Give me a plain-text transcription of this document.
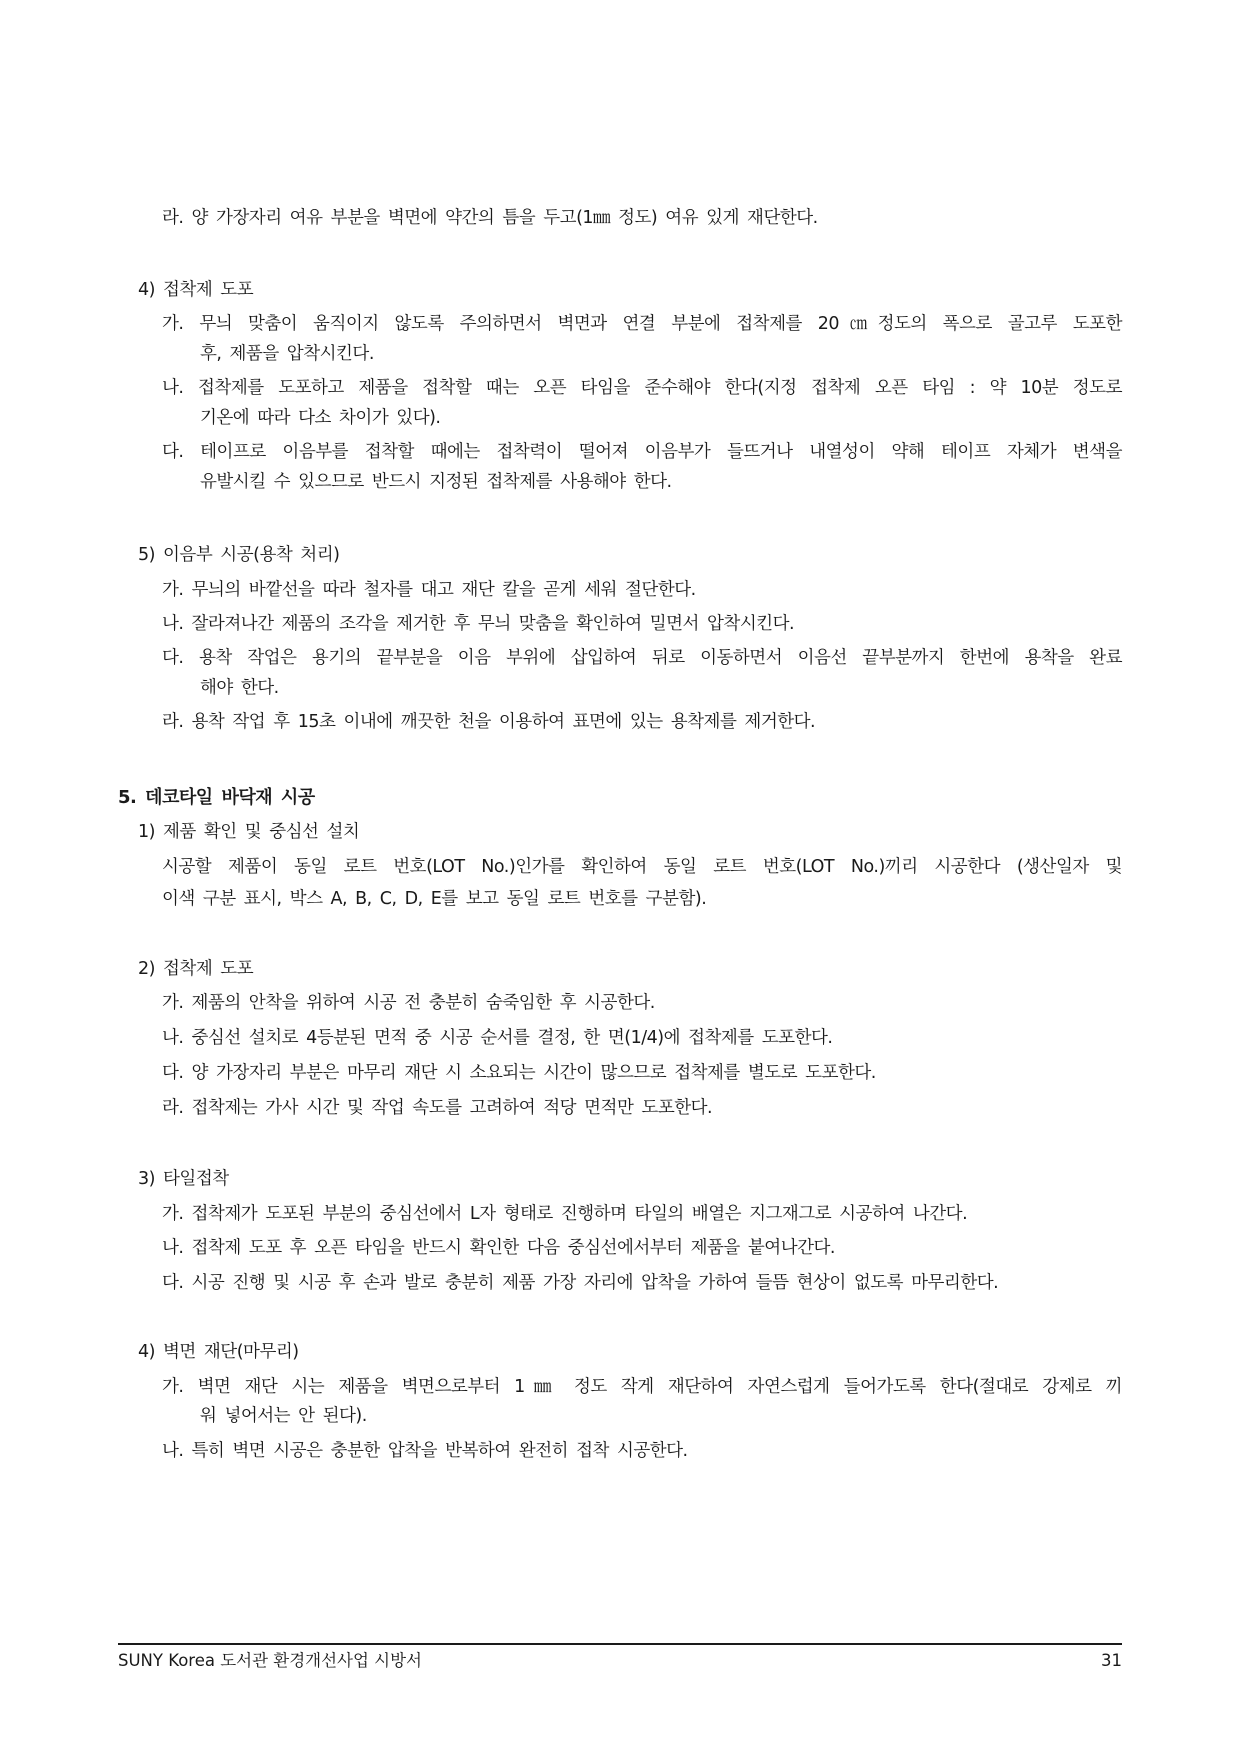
라. 양 가장자리 여유 부분을 벽면에 약간의 틈을 두고(1㎜ 정도) 여유 있게 재단한다.
4) 접착제 도포
가. 무늬 맞춤이 움직이지 않도록 주의하면서 벽면과 연결 부분에 접착제를 20㎝정도의 폭으로 골고루 도포한
후, 제품을 압착시킨다.
나. 접착제를 도포하고 제품을 접착할 때는 오픈 타임을 준수해야 한다(지정 접착제 오픈 타임 : 약 10분 정도로
기온에 따라 다소 차이가 있다).
다. 테이프로 이음부를 접착할 때에는 접착력이 떨어져 이음부가 들뜨거나 내열성이 약해 테이프 자체가 변색을
유발시킬 수 있으므로 반드시 지정된 접착제를 사용해야 한다.
5) 이음부 시공(용착 처리)
가. 무늬의 바깥선을 따라 철자를 대고 재단 칼을 곧게 세워 절단한다.
나. 잘라져나간 제품의 조각을 제거한 후 무늬 맞춤을 확인하여 밀면서 압착시킨다.
다. 용착 작업은 용기의 끝부분을 이음 부위에 삽입하여 뒤로 이동하면서 이음선 끝부분까지 한번에 용착을 완료
해야 한다.
라. 용착 작업 후 15초 이내에 깨끗한 천을 이용하여 표면에 있는 용착제를 제거한다.
5. 데코타일 바닥재 시공
1) 제품 확인 및 중심선 설치
시공할 제품이 동일 로트 번호(LOT No.)인가를 확인하여 동일 로트 번호(LOT No.)끼리 시공한다 (생산일자 및
이색 구분 표시, 박스 A, B, C, D, E를 보고 동일 로트 번호를 구분함).
2) 접착제 도포
가. 제품의 안착을 위하여 시공 전 충분히 숨죽임한 후 시공한다.
나. 중심선 설치로 4등분된 면적 중 시공 순서를 결정, 한 면(1/4)에 접착제를 도포한다.
다. 양 가장자리 부분은 마무리 재단 시 소요되는 시간이 많으므로 접착제를 별도로 도포한다.
라. 접착제는 가사 시간 및 작업 속도를 고려하여 적당 면적만 도포한다.
3) 타일접착
가. 접착제가 도포된 부분의 중심선에서 L자 형태로 진행하며 타일의 배열은 지그재그로 시공하여 나간다.
나. 접착제 도포 후 오픈 타임을 반드시 확인한 다음 중심선에서부터 제품을 붙여나간다.
다. 시공 진행 및 시공 후 손과 발로 충분히 제품 가장 자리에 압착을 가하여 들뜸 현상이 없도록 마무리한다.
4) 벽면 재단(마무리)
가. 벽면 재단 시는 제품을 벽면으로부터 1㎜ 정도 작게 재단하여 자연스럽게 들어가도록 한다(절대로 강제로 끼
워 넣어서는 안 된다).
나. 특히 벽면 시공은 충분한 압착을 반복하여 완전히 접착 시공한다.
SUNY Korea 도서관 환경개선사업 시방서	31
